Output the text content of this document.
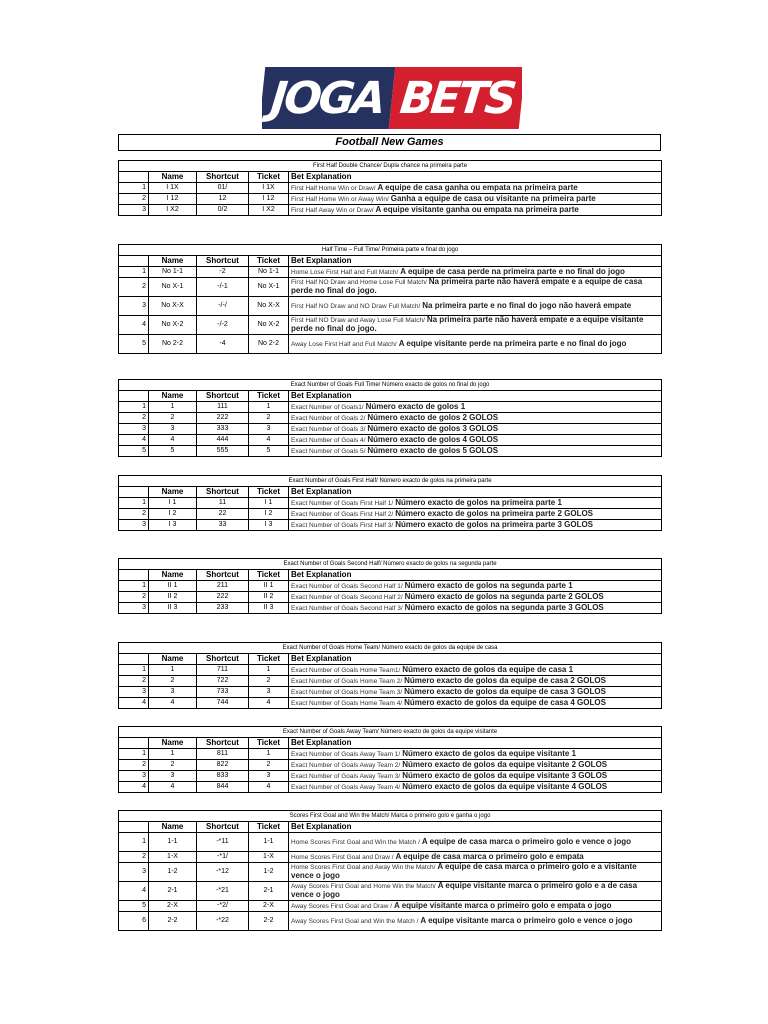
JOGA BETS
Football New Games
First Half Double Chance/ Dupla chance na primeira parte				
	Name	Shortcut	Ticket	Bet Explanation
1	I 1X	01/	I 1X	First Half Home Win or Draw/ A equipe de casa ganha ou empata na primeira parte
2	I 12	12	I 12	First Half Home Win or Away Win/ Ganha a equipe de casa ou visitante na primeira parte
3	I X2	0/2	I X2	First Half Away Win or Draw/ A equipe visitante ganha ou empata na primeira parte
Half Time – Full Time/ Primeira parte e final do jogo				
	Name	Shortcut	Ticket	Bet Explanation
1	No 1-1	-2	No 1-1	Home Lose First Half and Full Match/ A equipe de casa perde na primeira parte e no final do jogo
2	No X-1	-/-1	No X-1	First Half NO Draw and Home Lose Full Match/ Na primeira parte não haverá empate e a equipe de casa perde no final do jogo.
3	No X-X	-/-/	No X-X	First Half NO Draw and NO Draw Full Match/ Na primeira parte e no final do jogo não haverá empate
4	No X-2	-/-2	No X-2	First Half NO Draw and Away Lose Full Match/ Na primeira parte não haverá empate e a equipe visitante perde no final do jogo.
5	No 2-2	-4	No 2-2	Away Lose First Half and Full Match/ A equipe visitante perde na primeira parte e no final do jogo
Exact Number of Goals Full Time/ Número exacto de golos no final do jogo				
	Name	Shortcut	Ticket	Bet Explanation
1	1	111	1	Exact Number of Goals1/ Número exacto de golos 1
2	2	222	2	Exact Number of Goals 2/ Número exacto de golos 2 GOLOS
3	3	333	3	Exact Number of Goals 3/ Número exacto de golos 3 GOLOS
4	4	444	4	Exact Number of Goals 4/ Número exacto de golos 4 GOLOS
5	5	555	5	Exact Number of Goals 5/ Número exacto de golos 5 GOLOS
Exact Number of Goals First Half/ Número exacto de golos na primeira parte				
	Name	Shortcut	Ticket	Bet Explanation
1	I 1	11	I 1	Exact Number of Goals First Half 1/ Número exacto de golos na primeira parte 1
2	I 2	22	I 2	Exact Number of Goals First Half 2/ Número exacto de golos na primeira parte 2 GOLOS
3	I 3	33	I 3	Exact Number of Goals First Half 3/ Número exacto de golos na primeira parte 3 GOLOS
Exact Number of Goals Second Half/ Número exacto de golos na segunda parte				
	Name	Shortcut	Ticket	Bet Explanation
1	II 1	211	II 1	Exact Number of Goals Second Half 1/ Número exacto de golos na segunda parte 1
2	II 2	222	II 2	Exact Number of Goals Second Half 2/ Número exacto de golos na segunda parte 2 GOLOS
3	II 3	233	II 3	Exact Number of Goals Second Half 3/ Número exacto de golos na segunda parte 3 GOLOS
Exact Number of Goals Home Team/ Número exacto de golos da equipe de casa				
	Name	Shortcut	Ticket	Bet Explanation
1	1	711	1	Exact Number of Goals Home Team1/ Número exacto de golos da equipe de casa 1
2	2	722	2	Exact Number of Goals Home Team 2/ Número exacto de golos da equipe de casa 2 GOLOS
3	3	733	3	Exact Number of Goals Home Team 3/ Número exacto de golos da equipe de casa 3 GOLOS
4	4	744	4	Exact Number of Goals Home Team 4/ Número exacto de golos da equipe de casa 4 GOLOS
Exact Number of Goals Away Team/ Número exacto de golos da equipe visitante				
	Name	Shortcut	Ticket	Bet Explanation
1	1	811	1	Exact Number of Goals Away Team 1/ Número exacto de golos da equipe visitante 1
2	2	822	2	Exact Number of Goals Away Team 2/ Número exacto de golos da equipe visitante 2 GOLOS
3	3	833	3	Exact Number of Goals Away Team 3/ Número exacto de golos da equipe visitante 3 GOLOS
4	4	844	4	Exact Number of Goals Away Team 4/ Número exacto de golos da equipe visitante 4 GOLOS
Scores First Goal and Win the Match/ Marca o primeiro golo e ganha o jogo				
	Name	Shortcut	Ticket	Bet Explanation
1	1-1	-*11	1-1	Home Scores First Goal and Win the Match / A equipe de casa marca o primeiro golo e vence o jogo
2	1-X	-*1/	1-X	Home Scores First Goal and Draw / A equipe de casa marca o primeiro golo e empata
3	1-2	-*12	1-2	Home Scores First Goal and Away Win the Match/ A equipe de casa marca o primeiro golo e a visitante vence o jogo
4	2-1	-*21	2-1	Away Scores First Goal and Home Win the Match/ A equipe visitante marca o primeiro golo e a de casa vence o jogo
5	2-X	-*2/	2-X	Away Scores First Goal and Draw / A equipe visitante marca o primeiro golo e empata o jogo
6	2-2	-*22	2-2	Away Scores First Goal and Win the Match / A equipe visitante marca o primeiro golo e vence o jogo
